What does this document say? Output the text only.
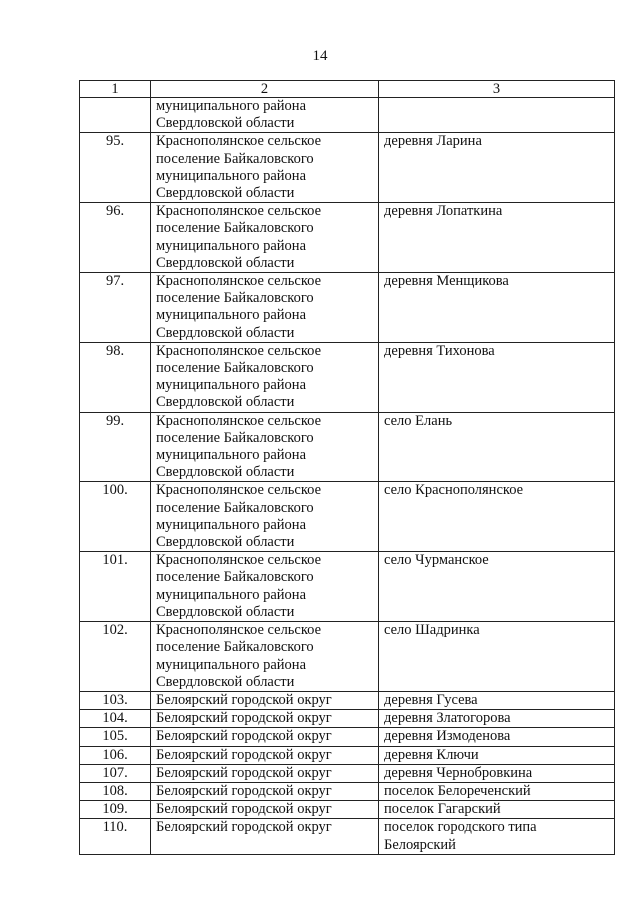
14
1	2	3

	муниципального района
Свердловской области	

95.	Краснополянское сельское
поселение Байкаловского
муниципального района
Свердловской области	деревня Ларина

96.	Краснополянское сельское
поселение Байкаловского
муниципального района
Свердловской области	деревня Лопаткина

97.	Краснополянское сельское
поселение Байкаловского
муниципального района
Свердловской области	деревня Менщикова

98.	Краснополянское сельское
поселение Байкаловского
муниципального района
Свердловской области	деревня Тихонова

99.	Краснополянское сельское
поселение Байкаловского
муниципального района
Свердловской области	село Елань

100.	Краснополянское сельское
поселение Байкаловского
муниципального района
Свердловской области	село Краснополянское

101.	Краснополянское сельское
поселение Байкаловского
муниципального района
Свердловской области	село Чурманское

102.	Краснополянское сельское
поселение Байкаловского
муниципального района
Свердловской области	село Шадринка

103.	Белоярский городской округ	деревня Гусева

104.	Белоярский городской округ	деревня Златогорова

105.	Белоярский городской округ	деревня Измоденова

106.	Белоярский городской округ	деревня Ключи

107.	Белоярский городской округ	деревня Чернобровкина

108.	Белоярский городской округ	поселок Белореченский

109.	Белоярский городской округ	поселок Гагарский

110.	Белоярский городской округ	поселок городского типа
Белоярский
